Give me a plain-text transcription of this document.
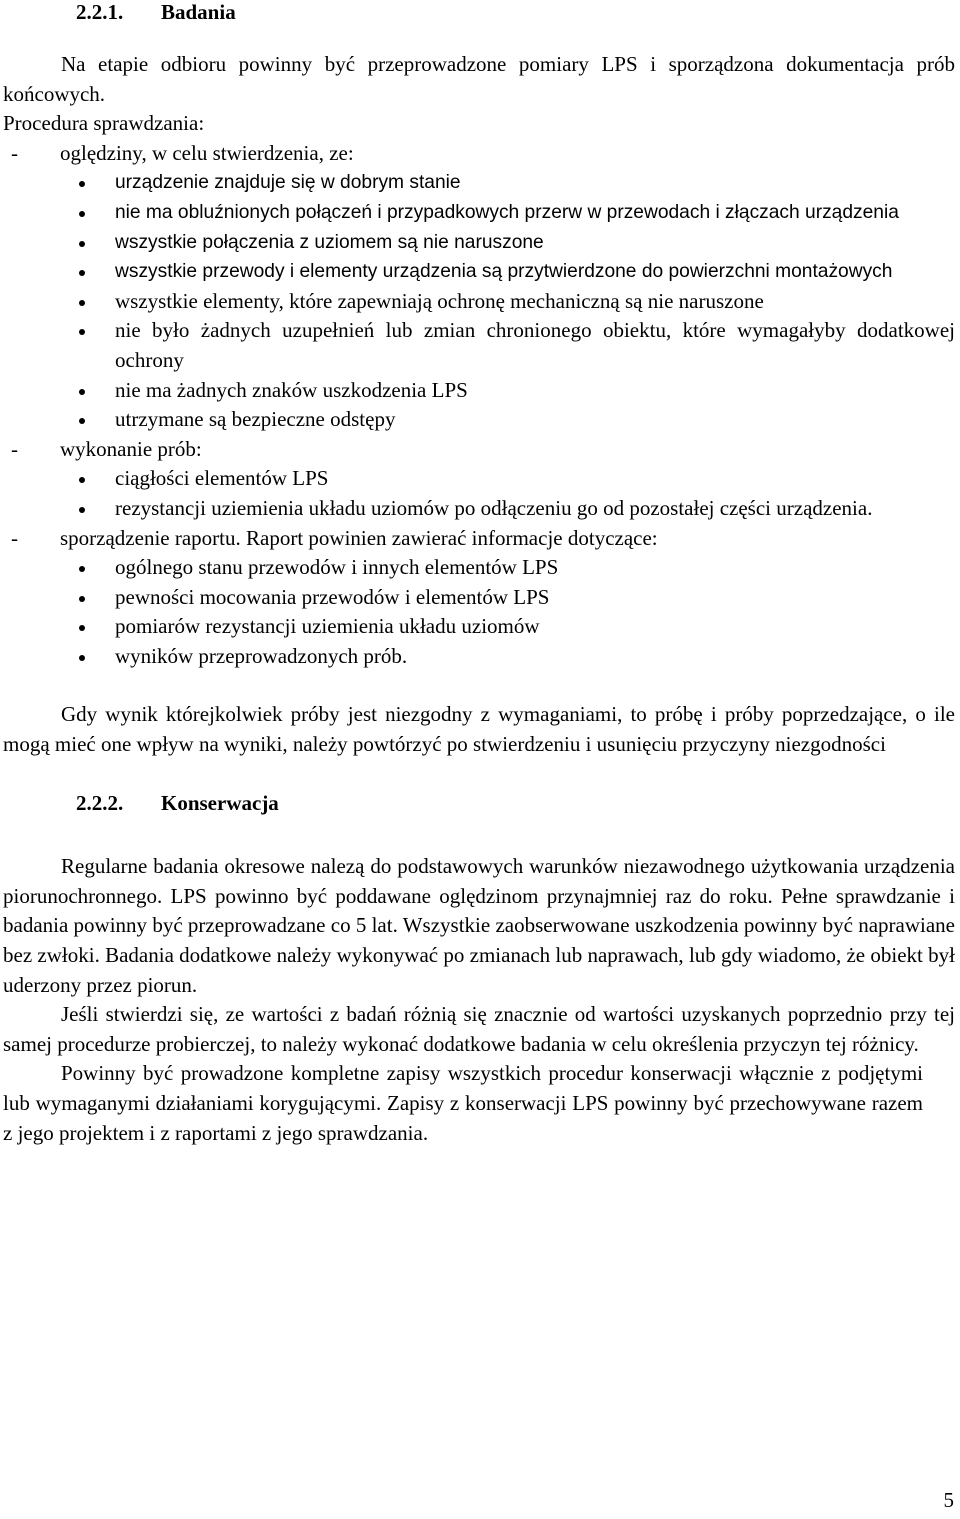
2.2.1. Badania

Na etapie odbioru powinny być przeprowadzone pomiary LPS i sporządzona dokumentacja prób końcowych.

Procedura sprawdzania:

- oględziny, w celu stwierdzenia, ze:
urządzenie znajduje się w dobrym stanie
nie ma obluźnionych połączeń i przypadkowych przerw w przewodach i złączach urządzenia
wszystkie połączenia z uziomem są nie naruszone
wszystkie przewody i elementy urządzenia są przytwierdzone do powierzchni montażowych
wszystkie elementy, które zapewniają ochronę mechaniczną są nie naruszone
nie było żadnych uzupełnień lub zmian chronionego obiektu, które wymagałyby dodatkowej ochrony
nie ma żadnych znaków uszkodzenia LPS
utrzymane są bezpieczne odstępy
- wykonanie prób:
ciągłości elementów LPS
rezystancji uziemienia układu uziomów po odłączeniu go od pozostałej części urządzenia.
- sporządzenie raportu. Raport powinien zawierać informacje dotyczące:
ogólnego stanu przewodów i innych elementów LPS
pewności mocowania przewodów i elementów LPS
pomiarów rezystancji uziemienia układu uziomów
wyników przeprowadzonych prób.

Gdy wynik którejkolwiek próby jest niezgodny z wymaganiami, to próbę i próby poprzedzające, o ile mogą mieć one wpływ na wyniki, należy powtórzyć po stwierdzeniu i usunięciu przyczyny niezgodności

2.2.2. Konserwacja

Regularne badania okresowe nalezą do podstawowych warunków niezawodnego użytkowania urządzenia piorunochronnego. LPS powinno być poddawane oględzinom przynajmniej raz do roku. Pełne sprawdzanie i badania powinny być przeprowadzane co 5 lat. Wszystkie zaobserwowane uszkodzenia powinny być naprawiane bez zwłoki. Badania dodatkowe należy wykonywać po zmianach lub naprawach, lub gdy wiadomo, że obiekt był uderzony przez piorun.

Jeśli stwierdzi się, ze wartości z badań różnią się znacznie od wartości uzyskanych poprzednio przy tej samej procedurze probierczej, to należy wykonać dodatkowe badania w celu określenia przyczyn tej różnicy.

Powinny być prowadzone kompletne zapisy wszystkich procedur konserwacji włącznie z podjętymi lub wymaganymi działaniami korygującymi. Zapisy z konserwacji LPS powinny być przechowywane razem z jego projektem i z raportami z jego sprawdzania.

5
